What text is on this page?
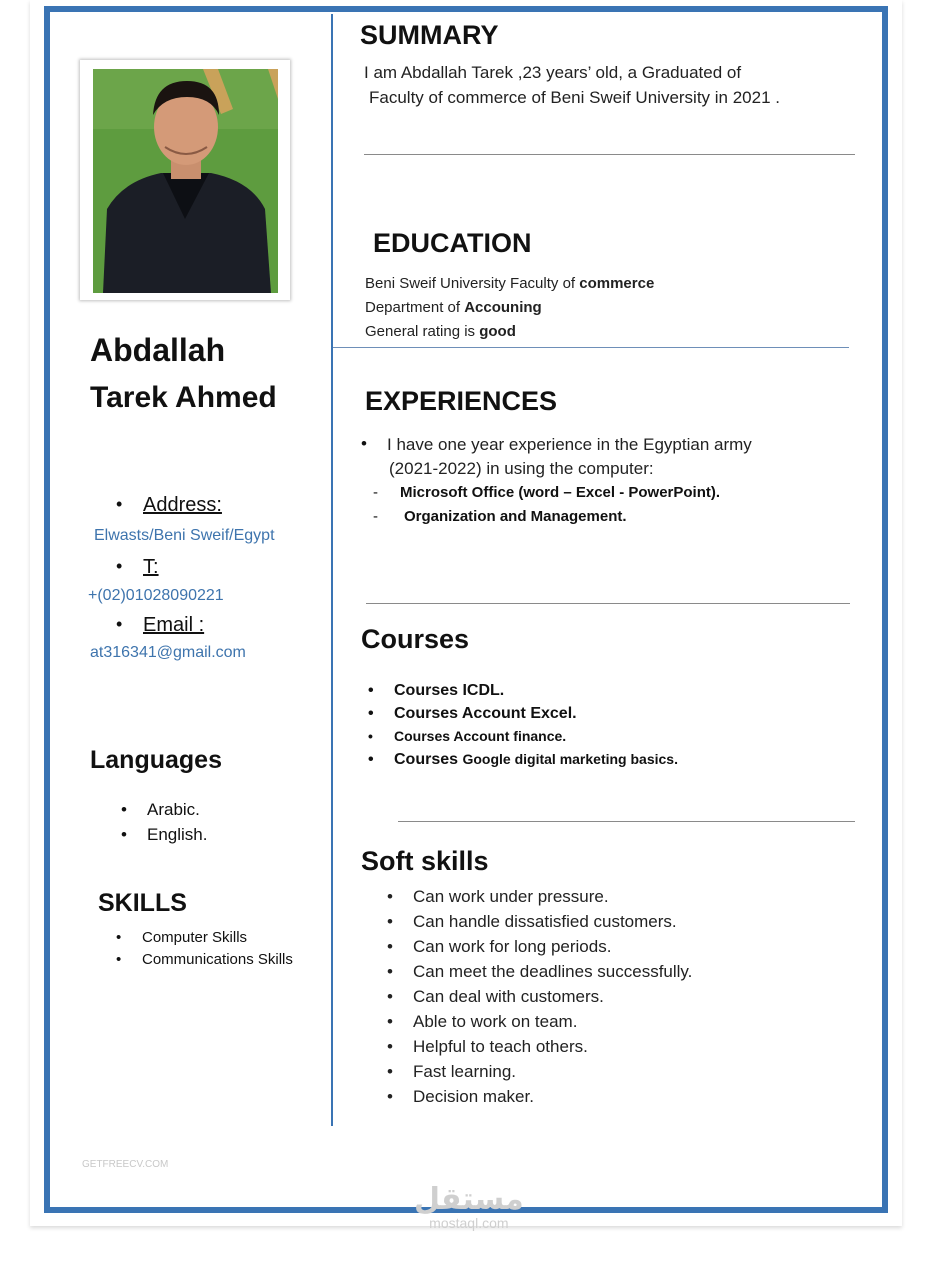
Abdallah
Tarek Ahmed
• Address:
Elwasts/Beni Sweif/Egypt
• T:
+(02)01028090221
• Email :
at316341@gmail.com
Languages
• Arabic.
• English.
SKILLS
• Computer Skills
• Communications Skills
SUMMARY
I am Abdallah Tarek ,23 years’ old, a Graduated of
Faculty of commerce of Beni Sweif University in 2021 .
EDUCATION
Beni Sweif University Faculty of commerce
Department of Accouning
General rating is good
EXPERIENCES
• I have one year experience in the Egyptian army
(2021-2022) in using the computer:
- Microsoft Office (word – Excel - PowerPoint).
- Organization and Management.
Courses
• Courses ICDL.
• Courses Account Excel.
• Courses Account finance.
• Courses Google digital marketing basics.
Soft skills
• Can work under pressure.
• Can handle dissatisfied customers.
• Can work for long periods.
• Can meet the deadlines successfully.
• Can deal with customers.
• Able to work on team.
• Helpful to teach others.
• Fast learning.
• Decision maker.
GETFREECV.COM
مستقل
mostaql.com
